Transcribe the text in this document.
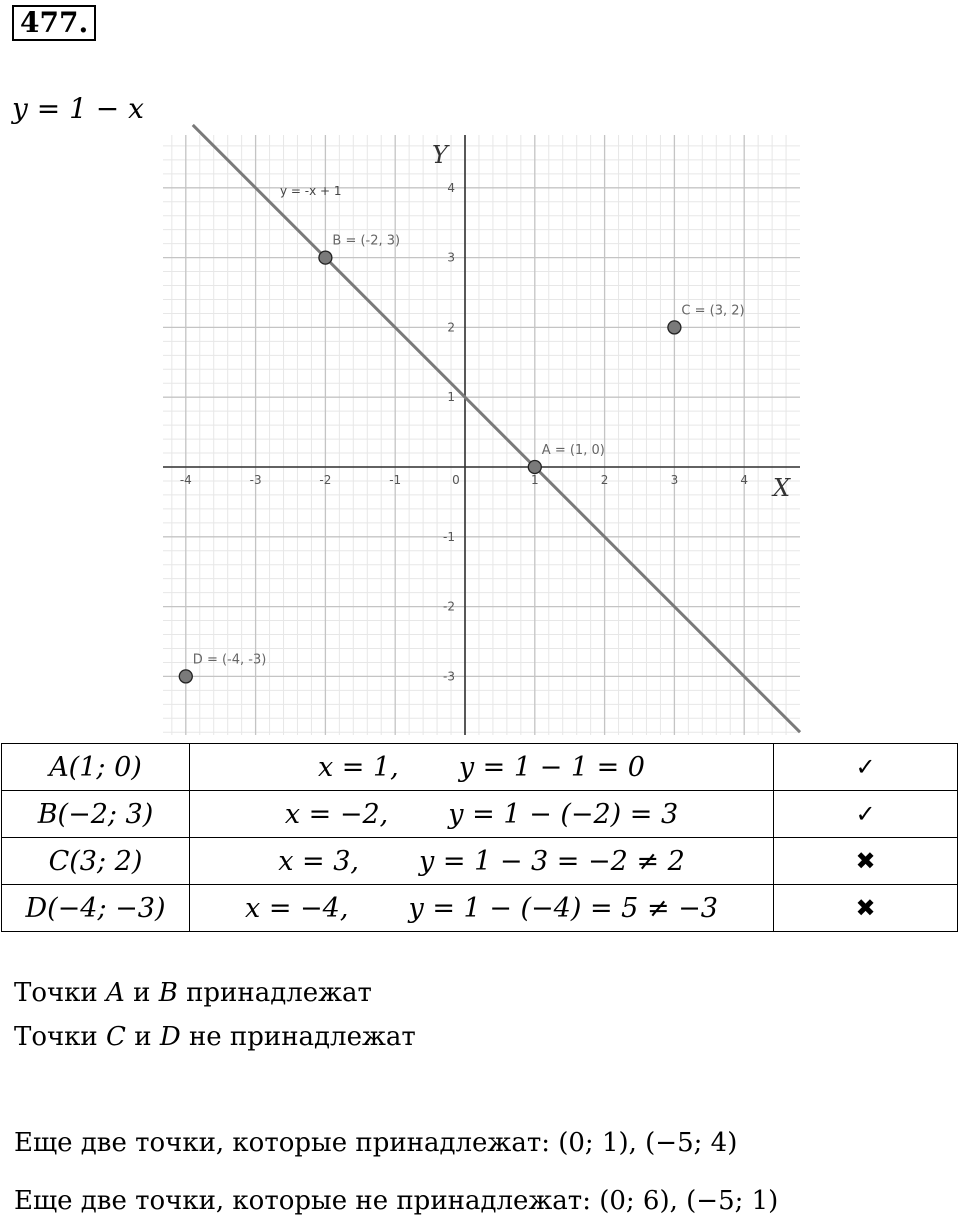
477.
y = 1 − x
X
Y
-4	-3	-2	-1	0	1	2	3	4
-3
-2
-1
1
2
3
4
y = -x + 1
A = (1, 0)
B = (-2, 3)
C = (3, 2)
D = (-4, -3)
A(1; 0)	x = 1,       y = 1 − 1 = 0	✓
B(−2; 3)	x = −2,       y = 1 − (−2) = 3	✓
C(3; 2)	x = 3,       y = 1 − 3 = −2 ≠ 2	✖
D(−4; −3)	x = −4,       y = 1 − (−4) = 5 ≠ −3	✖
Точки A и B принадлежат
Точки C и D не принадлежат
Еще две точки, которые принадлежат: (0; 1), (−5; 4)
Еще две точки, которые не принадлежат: (0; 6), (−5; 1)
